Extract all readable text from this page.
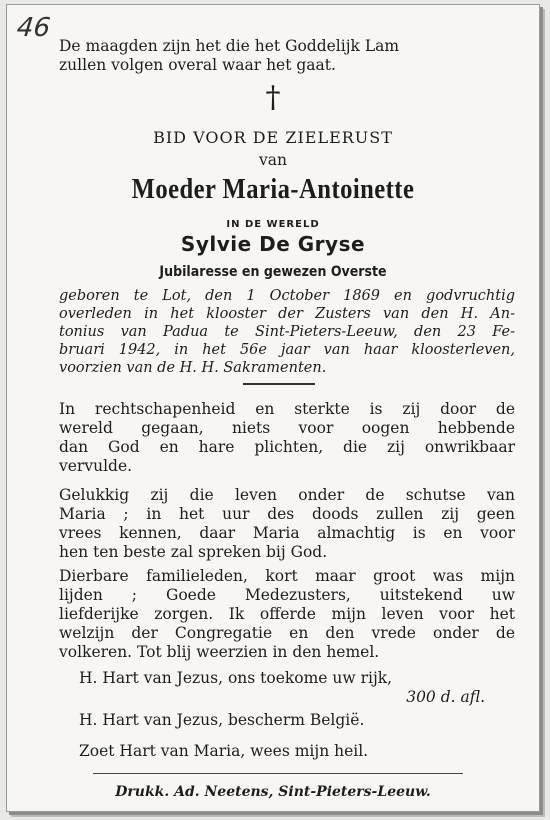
46
De maagden zijn het die het Goddelijk Lam
zullen volgen overal waar het gaat.
†
BID VOOR DE ZIELERUST
van
Moeder Maria-Antoinette
IN DE WERELD
Sylvie De Gryse
Jubilaresse en gewezen Overste
geboren te Lot, den 1 October 1869 en godvruchtig
overleden in het klooster der Zusters van den H. An-
tonius van Padua te Sint-Pieters-Leeuw, den 23 Fe-
bruari 1942, in het 56e jaar van haar kloosterleven,
voorzien van de H. H. Sakramenten.
In rechtschapenheid en sterkte is zij door de
wereld gegaan, niets voor oogen hebbende
dan God en hare plichten, die zij onwrikbaar
vervulde.
Gelukkig zij die leven onder de schutse van
Maria ; in het uur des doods zullen zij geen
vrees kennen, daar Maria almachtig is en voor
hen ten beste zal spreken bij God.
Dierbare familieleden, kort maar groot was mijn
lijden ; Goede Medezusters, uitstekend uw
liefderijke zorgen. Ik offerde mijn leven voor het
welzijn der Congregatie en den vrede onder de
volkeren. Tot blij weerzien in den hemel.
H. Hart van Jezus, ons toekome uw rijk,
300 d. afl.
H. Hart van Jezus, bescherm België.
Zoet Hart van Maria, wees mijn heil.
Drukk. Ad. Neetens, Sint-Pieters-Leeuw.
